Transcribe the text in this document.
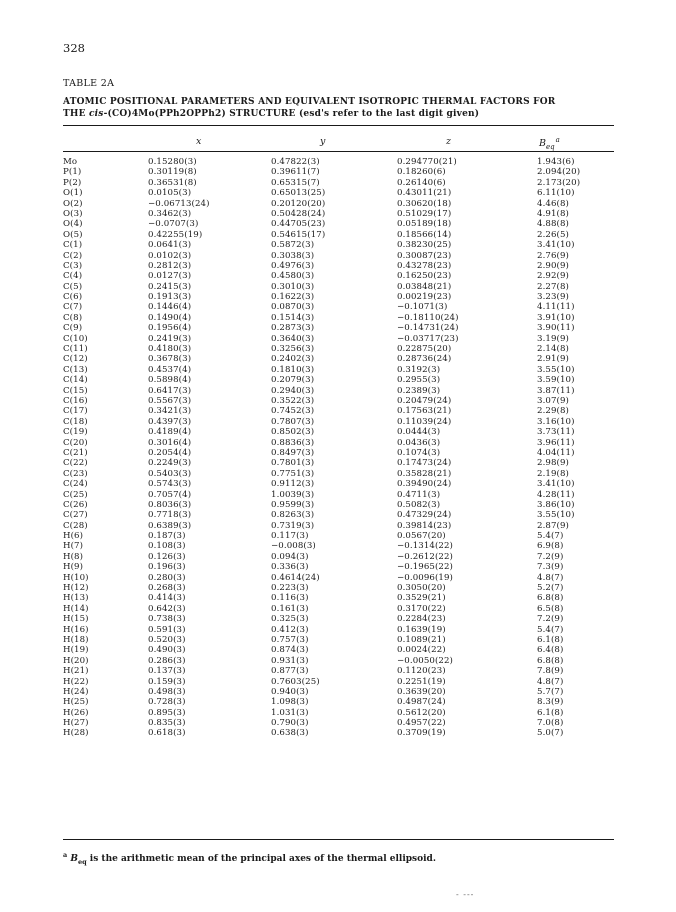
328
TABLE 2A
ATOMIC POSITIONAL PARAMETERS AND EQUIVALENT ISOTROPIC THERMAL FACTORS FOR
THE cis-(CO)4Mo(PPh2OPPh2) STRUCTURE (esd's refer to the last digit given)
x	y	z	$B_{eq}$ $^a$
Mo	0.15280(3)	0.47822(3)	0.294770(21)	1.943(6)
P(1)	0.30119(8)	0.39611(7)	0.18260(6)	2.094(20)
P(2)	0.36531(8)	0.65315(7)	0.26140(6)	2.173(20)
O(1)	0.0105(3)	0.65013(25)	0.43011(21)	6.11(10)
O(2)	−0.06713(24)	0.20120(20)	0.30620(18)	4.46(8)
O(3)	0.3462(3)	0.50428(24)	0.51029(17)	4.91(8)
O(4)	−0.0707(3)	0.44705(23)	0.05189(18)	4.88(8)
O(5)	0.42255(19)	0.54615(17)	0.18566(14)	2.26(5)
C(1)	0.0641(3)	0.5872(3)	0.38230(25)	3.41(10)
C(2)	0.0102(3)	0.3038(3)	0.30087(23)	2.76(9)
C(3)	0.2812(3)	0.4976(3)	0.43278(23)	2.90(9)
C(4)	0.0127(3)	0.4580(3)	0.16250(23)	2.92(9)
C(5)	0.2415(3)	0.3010(3)	0.03848(21)	2.27(8)
C(6)	0.1913(3)	0.1622(3)	0.00219(23)	3.23(9)
C(7)	0.1446(4)	0.0870(3)	−0.1071(3)	4.11(11)
C(8)	0.1490(4)	0.1514(3)	−0.18110(24)	3.91(10)
C(9)	0.1956(4)	0.2873(3)	−0.14731(24)	3.90(11)
C(10)	0.2419(3)	0.3640(3)	−0.03717(23)	3.19(9)
C(11)	0.4180(3)	0.3256(3)	0.22875(20)	2.14(8)
C(12)	0.3678(3)	0.2402(3)	0.28736(24)	2.91(9)
C(13)	0.4537(4)	0.1810(3)	0.3192(3)	3.55(10)
C(14)	0.5898(4)	0.2079(3)	0.2955(3)	3.59(10)
C(15)	0.6417(3)	0.2940(3)	0.2389(3)	3.87(11)
C(16)	0.5567(3)	0.3522(3)	0.20479(24)	3.07(9)
C(17)	0.3421(3)	0.7452(3)	0.17563(21)	2.29(8)
C(18)	0.4397(3)	0.7807(3)	0.11039(24)	3.16(10)
C(19)	0.4189(4)	0.8502(3)	0.0444(3)	3.73(11)
C(20)	0.3016(4)	0.8836(3)	0.0436(3)	3.96(11)
C(21)	0.2054(4)	0.8497(3)	0.1074(3)	4.04(11)
C(22)	0.2249(3)	0.7801(3)	0.17473(24)	2.98(9)
C(23)	0.5403(3)	0.7751(3)	0.35828(21)	2.19(8)
C(24)	0.5743(3)	0.9112(3)	0.39490(24)	3.41(10)
C(25)	0.7057(4)	1.0039(3)	0.4711(3)	4.28(11)
C(26)	0.8036(3)	0.9599(3)	0.5082(3)	3.86(10)
C(27)	0.7718(3)	0.8263(3)	0.47329(24)	3.55(10)
C(28)	0.6389(3)	0.7319(3)	0.39814(23)	2.87(9)
H(6)	0.187(3)	0.117(3)	0.0567(20)	5.4(7)
H(7)	0.108(3)	−0.008(3)	−0.1314(22)	6.9(8)
H(8)	0.126(3)	0.094(3)	−0.2612(22)	7.2(9)
H(9)	0.196(3)	0.336(3)	−0.1965(22)	7.3(9)
H(10)	0.280(3)	0.4614(24)	−0.0096(19)	4.8(7)
H(12)	0.268(3)	0.223(3)	0.3050(20)	5.2(7)
H(13)	0.414(3)	0.116(3)	0.3529(21)	6.8(8)
H(14)	0.642(3)	0.161(3)	0.3170(22)	6.5(8)
H(15)	0.738(3)	0.325(3)	0.2284(23)	7.2(9)
H(16)	0.591(3)	0.412(3)	0.1639(19)	5.4(7)
H(18)	0.520(3)	0.757(3)	0.1089(21)	6.1(8)
H(19)	0.490(3)	0.874(3)	0.0024(22)	6.4(8)
H(20)	0.286(3)	0.931(3)	−0.0050(22)	6.8(8)
H(21)	0.137(3)	0.877(3)	0.1120(23)	7.8(9)
H(22)	0.159(3)	0.7603(25)	0.2251(19)	4.8(7)
H(24)	0.498(3)	0.940(3)	0.3639(20)	5.7(7)
H(25)	0.728(3)	1.098(3)	0.4987(24)	8.3(9)
H(26)	0.895(3)	1.031(3)	0.5612(20)	6.1(8)
H(27)	0.835(3)	0.790(3)	0.4957(22)	7.0(8)
H(28)	0.618(3)	0.638(3)	0.3709(19)	5.0(7)
$^a$ $B_{eq}$ is the arithmetic mean of the principal axes of the thermal ellipsoid.
- ---
